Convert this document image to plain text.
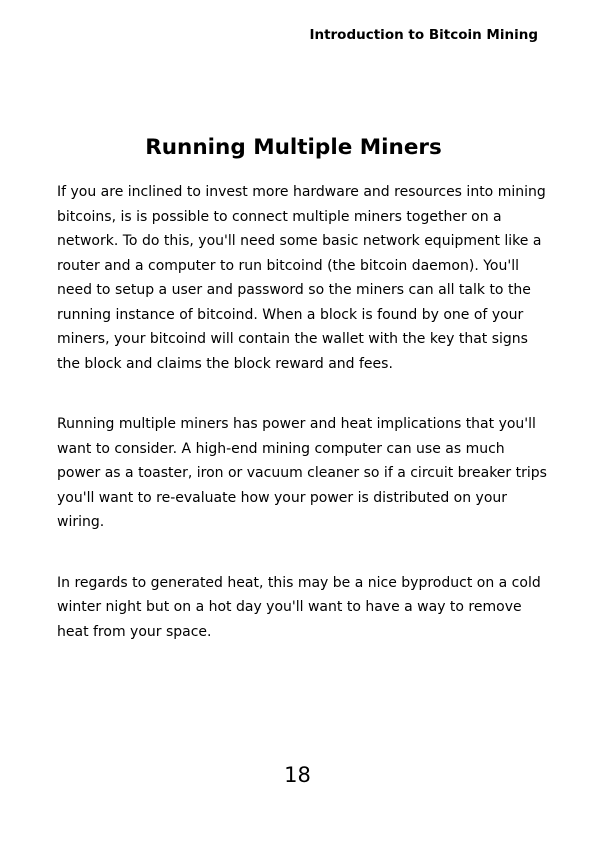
Introduction to Bitcoin Mining
Running Multiple Miners

If you are inclined to invest more hardware and resources into mining bitcoins, is is possible to connect multiple miners together on a network. To do this, you'll need some basic network equipment like a router and a computer to run bitcoind (the bitcoin daemon). You'll need to setup a user and password so the miners can all talk to the running instance of bitcoind. When a block is found by one of your miners, your bitcoind will contain the wallet with the key that signs the block and claims the block reward and fees.

Running multiple miners has power and heat implications that you'll want to consider. A high-end mining computer can use as much power as a toaster, iron or vacuum cleaner so if a circuit breaker trips you'll want to re-evaluate how your power is distributed on your wiring.

In regards to generated heat, this may be a nice byproduct on a cold winter night but on a hot day you'll want to have a way to remove heat from your space.

18
